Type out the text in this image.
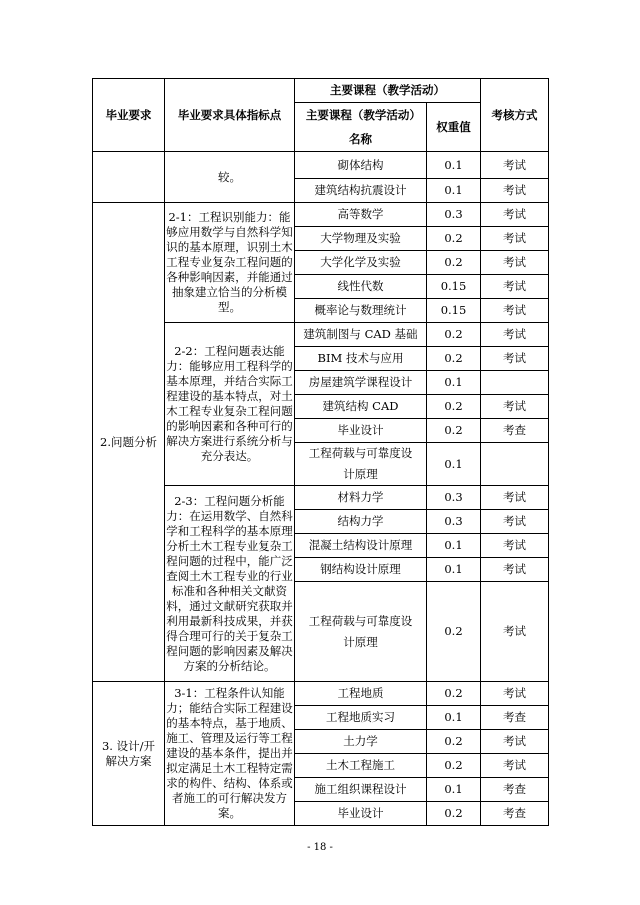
毕业要求	毕业要求具体指标点	主要课程（教学活动）		考核方式
		主要课程（教学活动）名称	权重值	
	较。	砌体结构	0.1	考试
		建筑结构抗震设计	0.1	考试
2.问题分析	2-1：工程识别能力：能够应用数学与自然科学知识的基本原理，识别土木工程专业复杂工程问题的各种影响因素，并能通过抽象建立恰当的分析模型。	高等数学	0.3	考试
		大学物理及实验	0.2	考试
		大学化学及实验	0.2	考试
		线性代数	0.15	考试
		概率论与数理统计	0.15	考试
	2-2：工程问题表达能力：能够应用工程科学的基本原理，并结合实际工程建设的基本特点，对土木工程专业复杂工程问题的影响因素和各种可行的解决方案进行系统分析与充分表达。	建筑制图与 CAD 基础	0.2	考试
		BIM 技术与应用	0.2	考试
		房屋建筑学课程设计	0.1	
		建筑结构 CAD	0.2	考试
		毕业设计	0.2	考查
		工程荷载与可靠度设计原理	0.1	
	2-3：工程问题分析能力：在运用数学、自然科学和工程科学的基本原理分析土木工程专业复杂工程问题的过程中，能广泛查阅土木工程专业的行业标准和各种相关文献资料，通过文献研究获取并利用最新科技成果，并获得合理可行的关于复杂工程问题的影响因素及解决方案的分析结论。	材料力学	0.3	考试
		结构力学	0.3	考试
		混凝土结构设计原理	0.1	考试
		钢结构设计原理	0.1	考试
		工程荷载与可靠度设计原理	0.2	考试
3. 设计/开解决方案	3-1：工程条件认知能力；能结合实际工程建设的基本特点，基于地质、施工、管理及运行等工程建设的基本条件，提出并拟定满足土木工程特定需求的构件、结构、体系或者施工的可行解决发方案。	工程地质	0.2	考试
		工程地质实习	0.1	考查
		土力学	0.2	考试
		土木工程施工	0.2	考试
		施工组织课程设计	0.1	考查
		毕业设计	0.2	考查
- 18 -
